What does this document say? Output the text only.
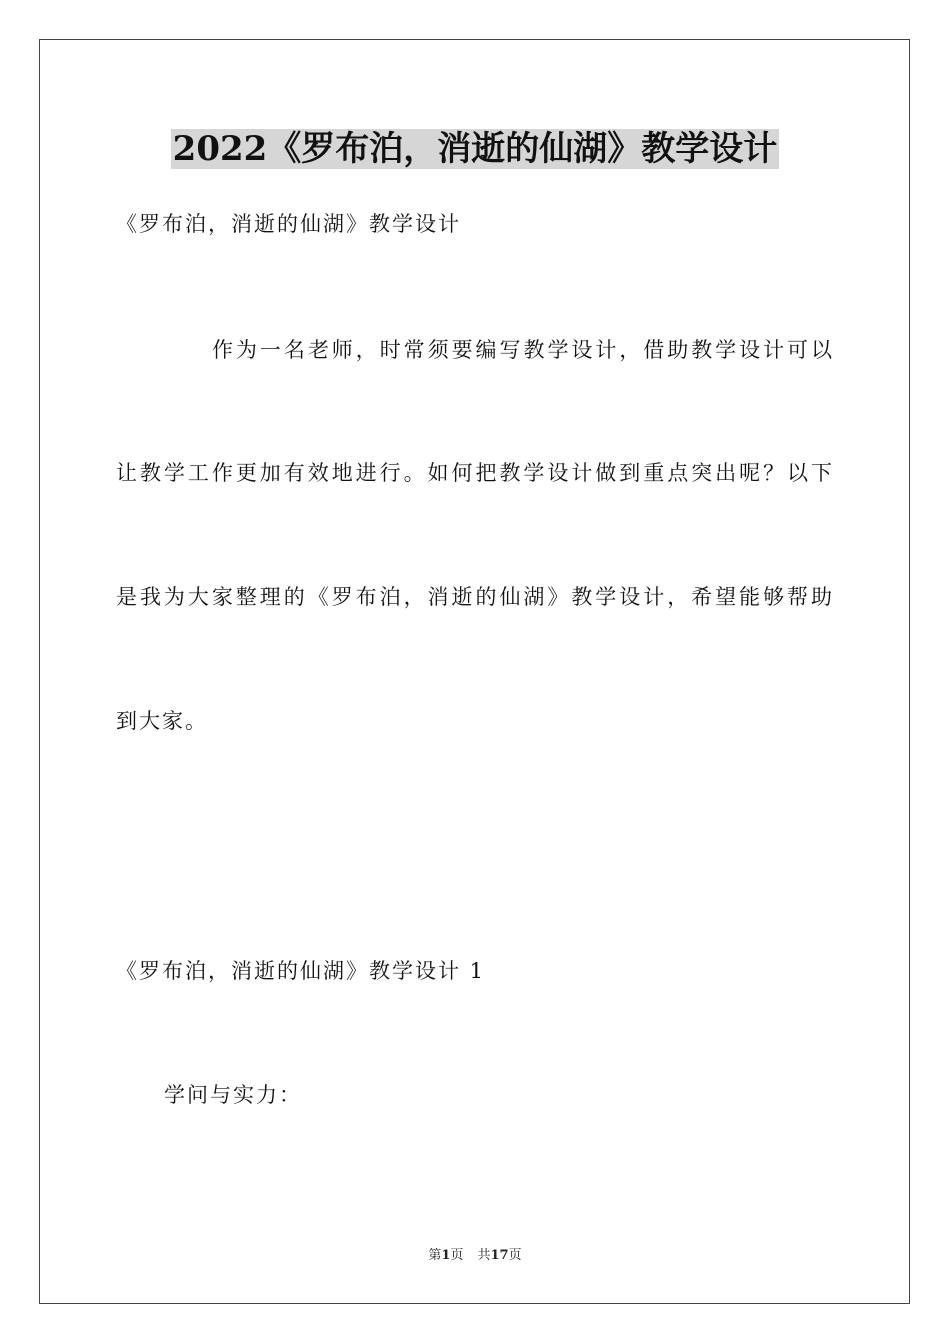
2022《罗布泊，消逝的仙湖》教学设计

《罗布泊，消逝的仙湖》教学设计

作为一名老师，时常须要编写教学设计，借助教学设计可以

让教学工作更加有效地进行。如何把教学设计做到重点突出呢？以下

是我为大家整理的《罗布泊，消逝的仙湖》教学设计，希望能够帮助

到大家。

《罗布泊，消逝的仙湖》教学设计 1

学问与实力：

第1页 共17页
